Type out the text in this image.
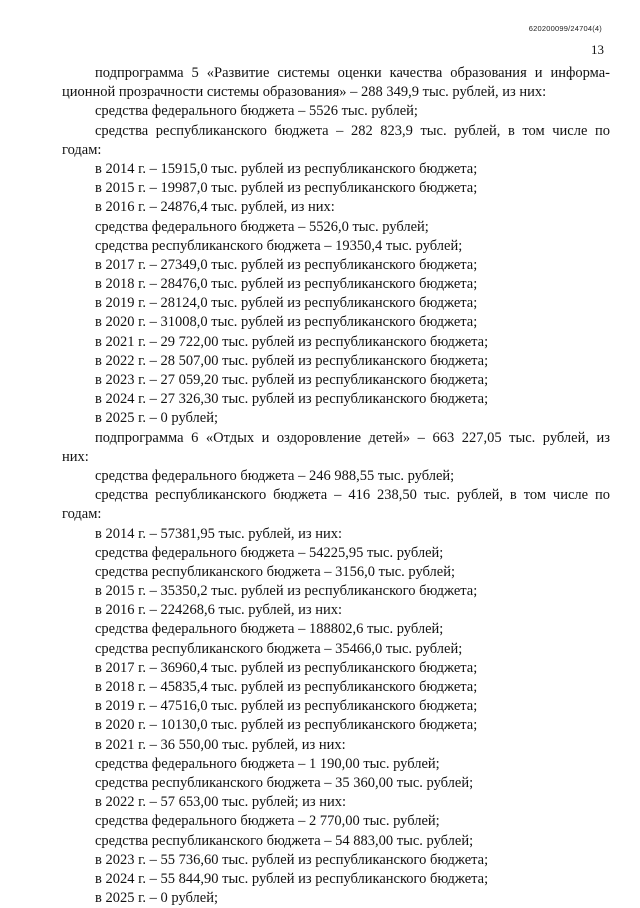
620200099/24704(4)
13
подпрограмма 5 «Развитие системы оценки качества образования и информа-
ционной прозрачности системы образования» – 288 349,9 тыс. рублей, из них:
средства федерального бюджета – 5526 тыс. рублей;
средства республиканского бюджета – 282 823,9 тыс. рублей, в том числе по
годам:
в 2014 г. – 15915,0 тыс. рублей из республиканского бюджета;
в 2015 г. – 19987,0 тыс. рублей из республиканского бюджета;
в 2016 г. – 24876,4 тыс. рублей, из них:
средства федерального бюджета – 5526,0 тыс. рублей;
средства республиканского бюджета – 19350,4 тыс. рублей;
в 2017 г. – 27349,0 тыс. рублей из республиканского бюджета;
в 2018 г. – 28476,0 тыс. рублей из республиканского бюджета;
в 2019 г. – 28124,0 тыс. рублей из республиканского бюджета;
в 2020 г. – 31008,0 тыс. рублей из республиканского бюджета;
в 2021 г. – 29 722,00 тыс. рублей из республиканского бюджета;
в 2022 г. – 28 507,00 тыс. рублей из республиканского бюджета;
в 2023 г. – 27 059,20 тыс. рублей из республиканского бюджета;
в 2024 г. – 27 326,30 тыс. рублей из республиканского бюджета;
в 2025 г. – 0 рублей;
подпрограмма 6 «Отдых и оздоровление детей» – 663 227,05 тыс. рублей, из
них:
средства федерального бюджета – 246 988,55 тыс. рублей;
средства республиканского бюджета – 416 238,50 тыс. рублей, в том числе по
годам:
в 2014 г. – 57381,95 тыс. рублей, из них:
средства федерального бюджета – 54225,95 тыс. рублей;
средства республиканского бюджета – 3156,0 тыс. рублей;
в 2015 г. – 35350,2 тыс. рублей из республиканского бюджета;
в 2016 г. – 224268,6 тыс. рублей, из них:
средства федерального бюджета – 188802,6 тыс. рублей;
средства республиканского бюджета – 35466,0 тыс. рублей;
в 2017 г. – 36960,4 тыс. рублей из республиканского бюджета;
в 2018 г. – 45835,4 тыс. рублей из республиканского бюджета;
в 2019 г. – 47516,0 тыс. рублей из республиканского бюджета;
в 2020 г. – 10130,0 тыс. рублей из республиканского бюджета;
в 2021 г. – 36 550,00 тыс. рублей, из них:
средства федерального бюджета – 1 190,00 тыс. рублей;
средства республиканского бюджета – 35 360,00 тыс. рублей;
в 2022 г. – 57 653,00 тыс. рублей; из них:
средства федерального бюджета – 2 770,00 тыс. рублей;
средства республиканского бюджета – 54 883,00 тыс. рублей;
в 2023 г. – 55 736,60 тыс. рублей из республиканского бюджета;
в 2024 г. – 55 844,90 тыс. рублей из республиканского бюджета;
в 2025 г. – 0 рублей;
